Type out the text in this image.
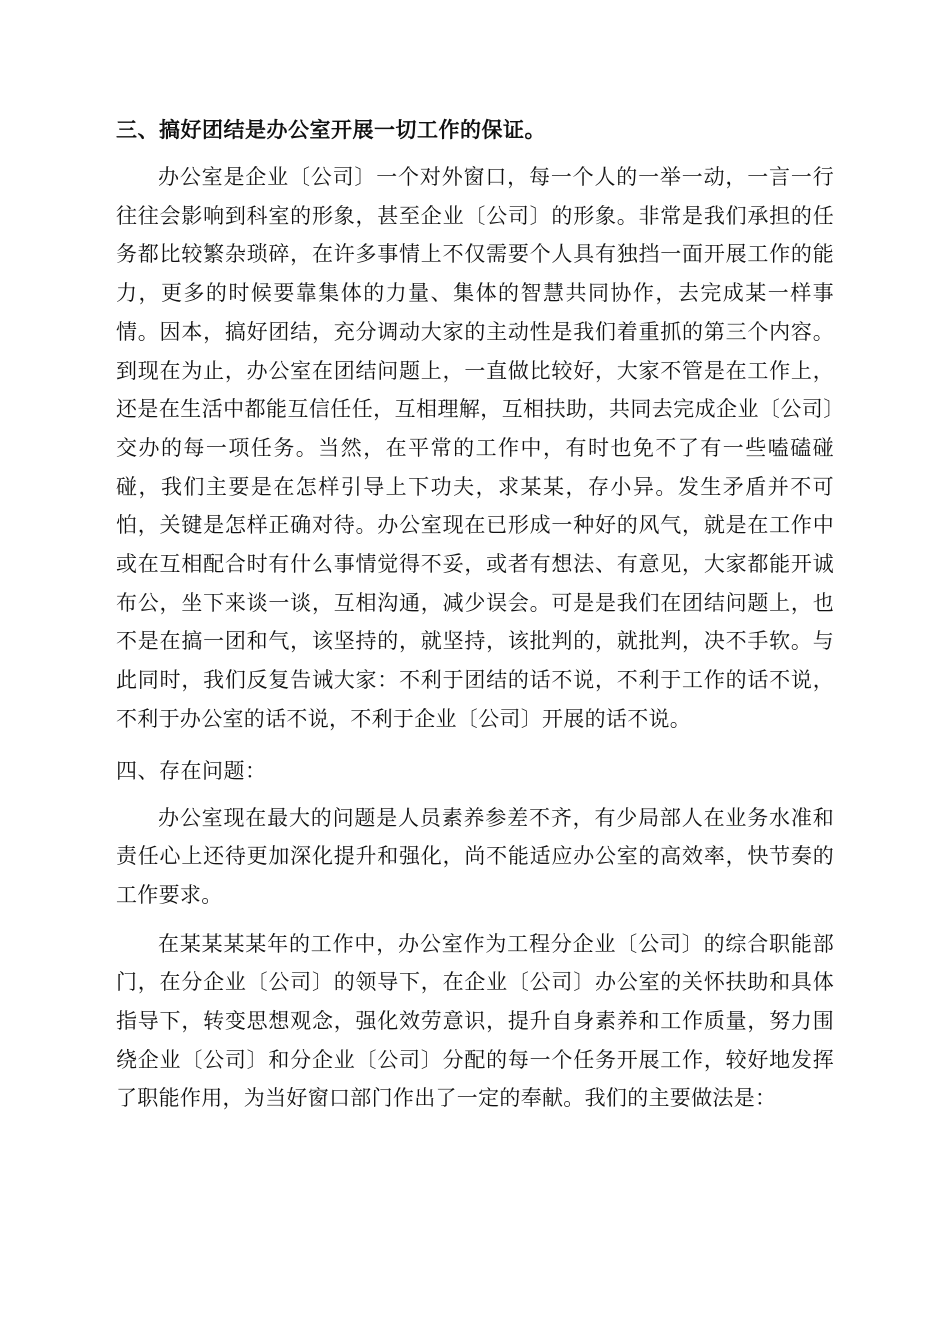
三、搞好团结是办公室开展一切工作的保证。

办公室是企业〔公司〕一个对外窗口，每一个人的一举一动，一言一行往往会影响到科室的形象，甚至企业〔公司〕的形象。非常是我们承担的任务都比较繁杂琐碎，在许多事情上不仅需要个人具有独挡一面开展工作的能力，更多的时候要靠集体的力量、集体的智慧共同协作，去完成某一样事情。因本，搞好团结，充分调动大家的主动性是我们着重抓的第三个内容。到现在为止，办公室在团结问题上，一直做比较好，大家不管是在工作上，还是在生活中都能互信任任，互相理解，互相扶助，共同去完成企业〔公司〕交办的每一项任务。当然，在平常的工作中，有时也免不了有一些嗑磕碰碰，我们主要是在怎样引导上下功夫，求某某，存小异。发生矛盾并不可怕，关键是怎样正确对待。办公室现在已形成一种好的风气，就是在工作中或在互相配合时有什么事情觉得不妥，或者有想法、有意见，大家都能开诚布公，坐下来谈一谈，互相沟通，减少误会。可是是我们在团结问题上，也不是在搞一团和气，该坚持的，就坚持，该批判的，就批判，决不手软。与此同时，我们反复告诫大家：不利于团结的话不说，不利于工作的话不说，不利于办公室的话不说，不利于企业〔公司〕开展的话不说。

四、存在问题：

办公室现在最大的问题是人员素养参差不齐，有少局部人在业务水准和责任心上还待更加深化提升和强化，尚不能适应办公室的高效率，快节奏的工作要求。

在某某某某年的工作中，办公室作为工程分企业〔公司〕的综合职能部门，在分企业〔公司〕的领导下，在企业〔公司〕办公室的关怀扶助和具体指导下，转变思想观念，强化效劳意识，提升自身素养和工作质量，努力围绕企业〔公司〕和分企业〔公司〕分配的每一个任务开展工作，较好地发挥了职能作用，为当好窗口部门作出了一定的奉献。我们的主要做法是：
